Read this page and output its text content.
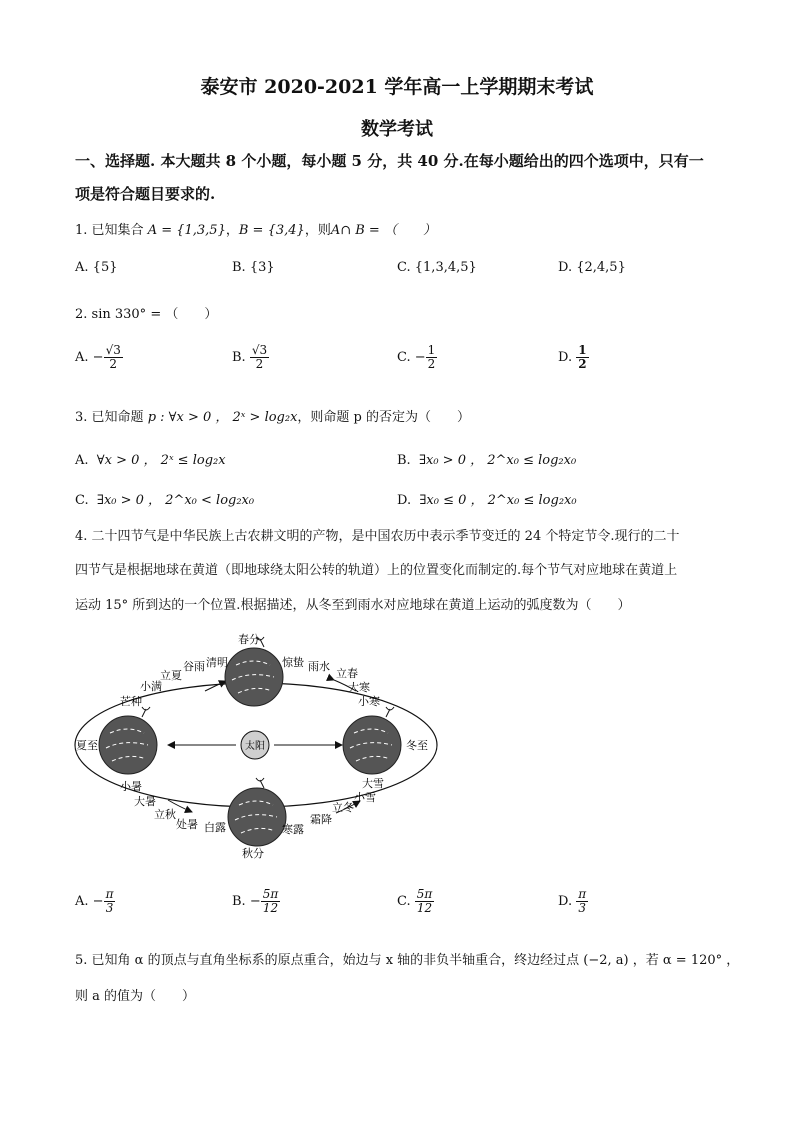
泰安市 2020-2021 学年高一上学期期末考试
数学考试
一、选择题. 本大题共 8 个小题，每小题 5 分，共 40 分.在每小题给出的四个选项中，只有一
项是符合题目要求的.
1. 已知集合 A = {1,3,5}，B = {3,4}，则A∩ B = （　　）
A. {5}	B. {3}	C. {1,3,4,5}	D. {2,4,5}
2. sin 330° = （　　）
A. − $\frac{√3}{2}$	B. $\frac{√3}{2}$	C. − $\frac{1}{2}$	D. $\frac{1}{2}$
3. 已知命题 p : ∀x > 0 ， 2ˣ > log₂x，则命题 p 的否定为（　　）
A. ∀x > 0 ， 2ˣ ≤ log₂x	B. ∃x₀ > 0 ， 2^x₀ ≤ log₂x₀
C. ∃x₀ > 0 ， 2^x₀ < log₂x₀	D. ∃x₀ ≤ 0 ， 2^x₀ ≤ log₂x₀
4. 二十四节气是中华民族上古农耕文明的产物，是中国农历中表示季节变迁的 24 个特定节令.现行的二十
四节气是根据地球在黄道（即地球绕太阳公转的轨道）上的位置变化而制定的.每个节气对应地球在黄道上
运动 15° 所到达的一个位置.根据描述，从冬至到雨水对应地球在黄道上运动的弧度数为（　　）
太阳
春分
清明
谷雨
立夏
小满
芒种
夏至
小暑
大暑
立秋
处暑 白露
秋分
寒露
霜降
立冬
小雪
大雪
冬至
小寒
大寒
立春
雨水
惊蛰
A. − $\frac{\pi}{3}$	B. − $\frac{5\pi}{12}$	C. $\frac{5\pi}{12}$	D. $\frac{\pi}{3}$
5. 已知角 α 的顶点与直角坐标系的原点重合，始边与 x 轴的非负半轴重合，终边经过点 (−2, a) ，若 α = 120° ，
则 a 的值为（　　）
